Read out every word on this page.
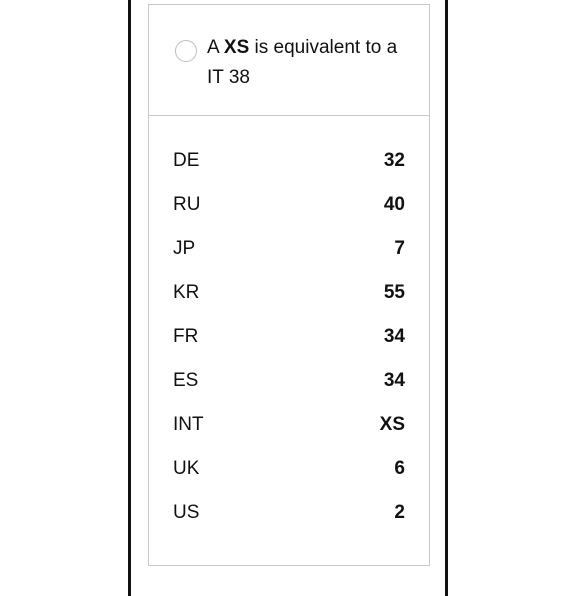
A XS is equivalent to a
IT 38
DE	32
RU	40
JP	7
KR	55
FR	34
ES	34
INT	XS
UK	6
US	2
